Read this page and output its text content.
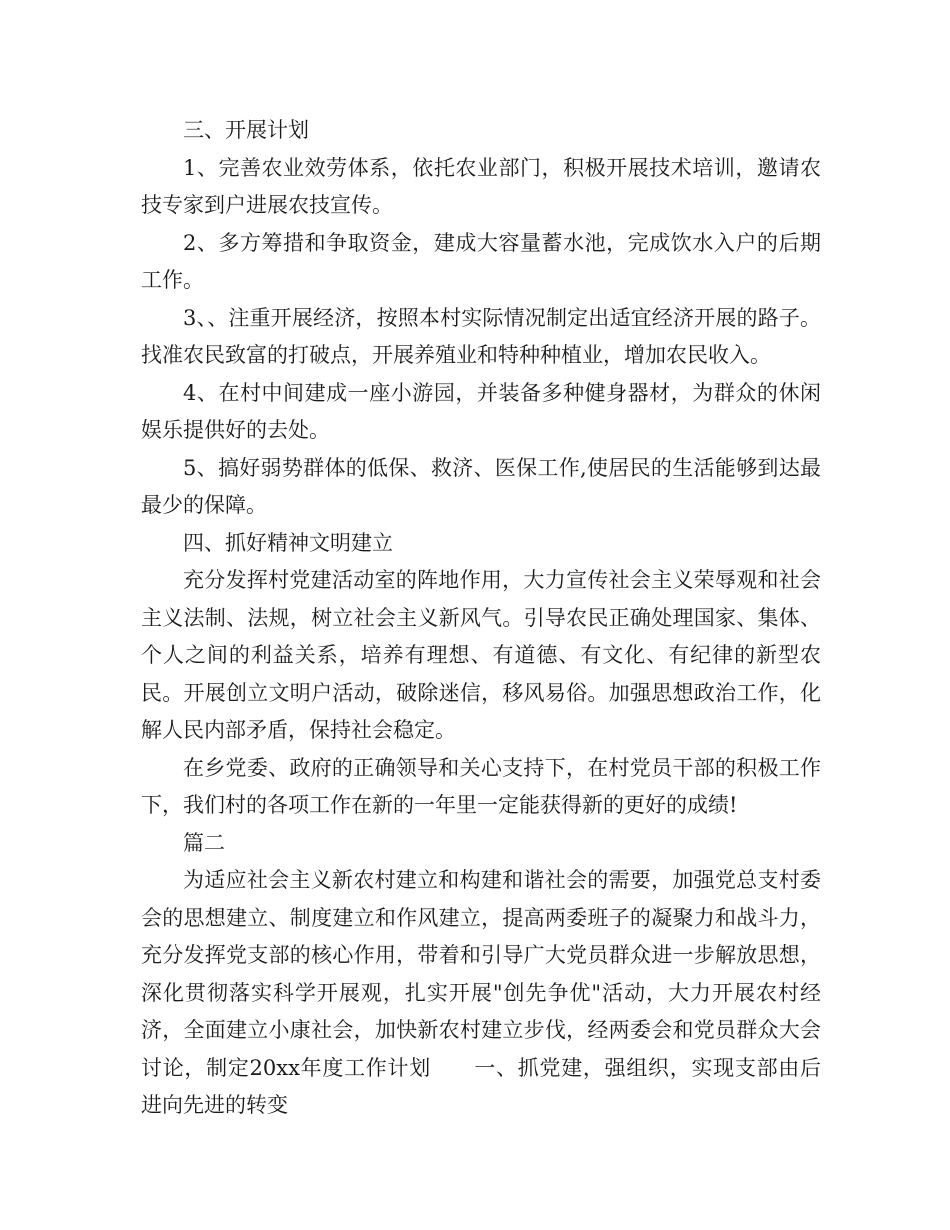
三、开展计划

1、完善农业效劳体系，依托农业部门，积极开展技术培训，邀请农技专家到户进展农技宣传。

2、多方筹措和争取资金，建成大容量蓄水池，完成饮水入户的后期工作。

3、、注重开展经济，按照本村实际情况制定出适宜经济开展的路子。找准农民致富的打破点，开展养殖业和特种种植业，增加农民收入。

4、在村中间建成一座小游园，并装备多种健身器材，为群众的休闲娱乐提供好的去处。

5、搞好弱势群体的低保、救济、医保工作,使居民的生活能够到达最最少的保障。

四、抓好精神文明建立

充分发挥村党建活动室的阵地作用，大力宣传社会主义荣辱观和社会主义法制、法规，树立社会主义新风气。引导农民正确处理国家、集体、个人之间的利益关系，培养有理想、有道德、有文化、有纪律的新型农民。开展创立文明户活动，破除迷信，移风易俗。加强思想政治工作，化解人民内部矛盾，保持社会稳定。

在乡党委、政府的正确领导和关心支持下，在村党员干部的积极工作下，我们村的各项工作在新的一年里一定能获得新的更好的成绩!

篇二

为适应社会主义新农村建立和构建和谐社会的需要，加强党总支村委会的思想建立、制度建立和作风建立，提高两委班子的凝聚力和战斗力，充分发挥党支部的核心作用，带着和引导广大党员群众进一步解放思想，深化贯彻落实科学开展观，扎实开展"创先争优"活动，大力开展农村经济，全面建立小康社会，加快新农村建立步伐，经两委会和党员群众大会讨论，制定20xx年度工作计划　　一、抓党建，强组织，实现支部由后进向先进的转变
